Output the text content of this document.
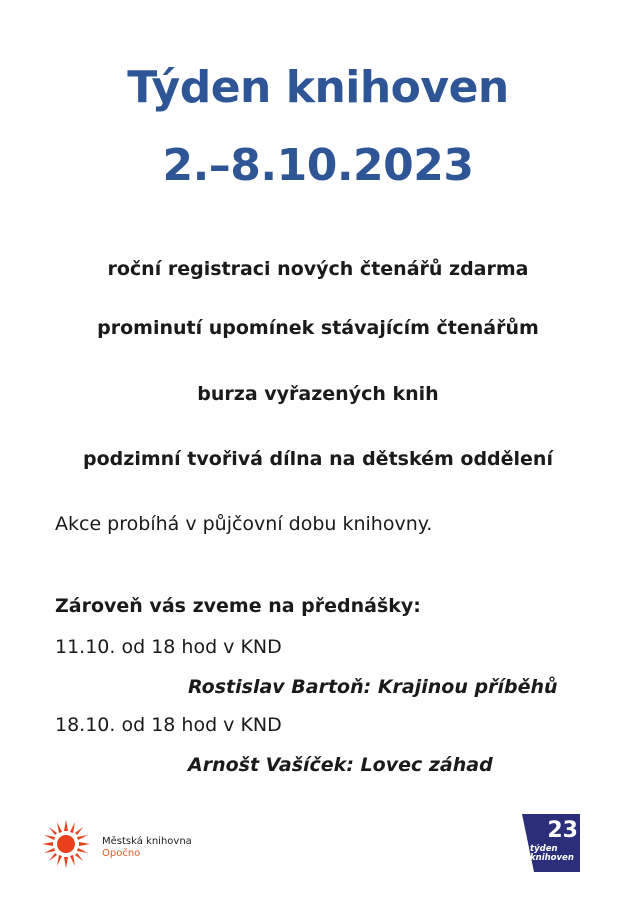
Týden knihoven
2.–8.10.2023
roční registraci nových čtenářů zdarma
prominutí upomínek stávajícím čtenářům
burza vyřazených knih
podzimní tvořivá dílna na dětském oddělení
Akce probíhá v půjčovní dobu knihovny.
Zároveň vás zveme na přednášky:
11.10. od 18 hod v KND
Rostislav Bartoň: Krajinou příběhů
18.10. od 18 hod v KND
Arnošt Vašíček: Lovec záhad
Městská knihovna
Opočno
23
týden
knihoven
